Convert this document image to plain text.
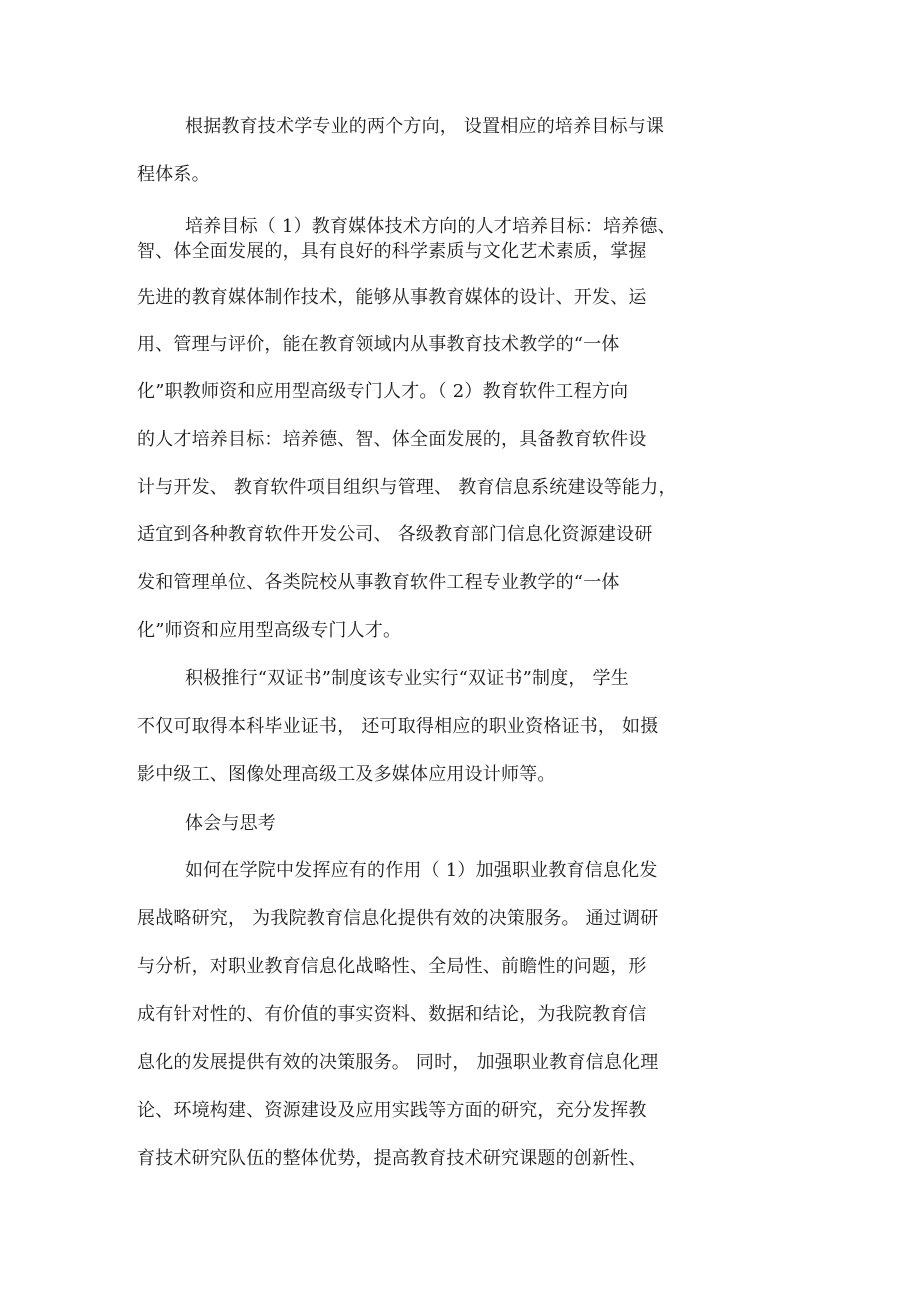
根据教育技术学专业的两个方向， 设置相应的培养目标与课
程体系。
培养目标（ 1）教育媒体技术方向的人才培养目标：培养德、
智、体全面发展的，具有良好的科学素质与文化艺术素质，掌握
先进的教育媒体制作技术，能够从事教育媒体的设计、开发、运
用、管理与评价，能在教育领域内从事教育技术教学的“一体
化”职教师资和应用型高级专门人才。（ 2）教育软件工程方向
的人才培养目标：培养德、智、体全面发展的，具备教育软件设
计与开发、 教育软件项目组织与管理、 教育信息系统建设等能力，
适宜到各种教育软件开发公司、 各级教育部门信息化资源建设研
发和管理单位、各类院校从事教育软件工程专业教学的“一体
化”师资和应用型高级专门人才。
积极推行“双证书”制度该专业实行“双证书”制度， 学生
不仅可取得本科毕业证书， 还可取得相应的职业资格证书， 如摄
影中级工、图像处理高级工及多媒体应用设计师等。
体会与思考
如何在学院中发挥应有的作用（ 1）加强职业教育信息化发
展战略研究， 为我院教育信息化提供有效的决策服务。 通过调研
与分析，对职业教育信息化战略性、全局性、前瞻性的问题，形
成有针对性的、有价值的事实资料、数据和结论，为我院教育信
息化的发展提供有效的决策服务。 同时， 加强职业教育信息化理
论、环境构建、资源建设及应用实践等方面的研究，充分发挥教
育技术研究队伍的整体优势，提高教育技术研究课题的创新性、
